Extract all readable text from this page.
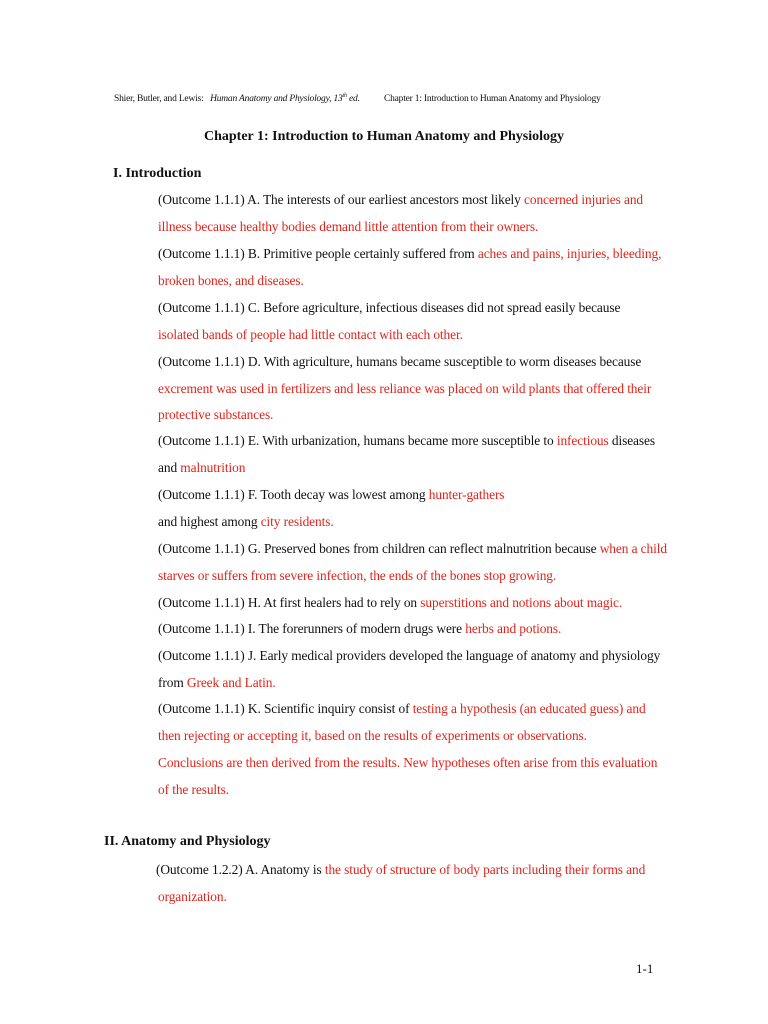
Shier, Butler, and Lewis: Human Anatomy and Physiology, 13th ed.	Chapter 1: Introduction to Human Anatomy and Physiology
Chapter 1: Introduction to Human Anatomy and Physiology
I. Introduction
II. Anatomy and Physiology
(Outcome 1.1.1) A. The interests of our earliest ancestors most likely concerned injuries and
illness because healthy bodies demand little attention from their owners.
(Outcome 1.1.1) B. Primitive people certainly suffered from aches and pains, injuries, bleeding,
broken bones, and diseases.
(Outcome 1.1.1) C. Before agriculture, infectious diseases did not spread easily because
isolated bands of people had little contact with each other.
(Outcome 1.1.1) D. With agriculture, humans became susceptible to worm diseases because
excrement was used in fertilizers and less reliance was placed on wild plants that offered their
protective substances.
(Outcome 1.1.1) E. With urbanization, humans became more susceptible to infectious diseases
and malnutrition
(Outcome 1.1.1) F. Tooth decay was lowest among hunter-gathers
and highest among city residents.
(Outcome 1.1.1) G. Preserved bones from children can reflect malnutrition because when a child
starves or suffers from severe infection, the ends of the bones stop growing.
(Outcome 1.1.1) H. At first healers had to rely on superstitions and notions about magic.
(Outcome 1.1.1) I. The forerunners of modern drugs were herbs and potions.
(Outcome 1.1.1) J. Early medical providers developed the language of anatomy and physiology
from Greek and Latin.
(Outcome 1.1.1) K. Scientific inquiry consist of testing a hypothesis (an educated guess) and
then rejecting or accepting it, based on the results of experiments or observations.
Conclusions are then derived from the results. New hypotheses often arise from this evaluation
of the results.
(Outcome 1.2.2) A. Anatomy is the study of structure of body parts including their forms and
organization.
1-1
